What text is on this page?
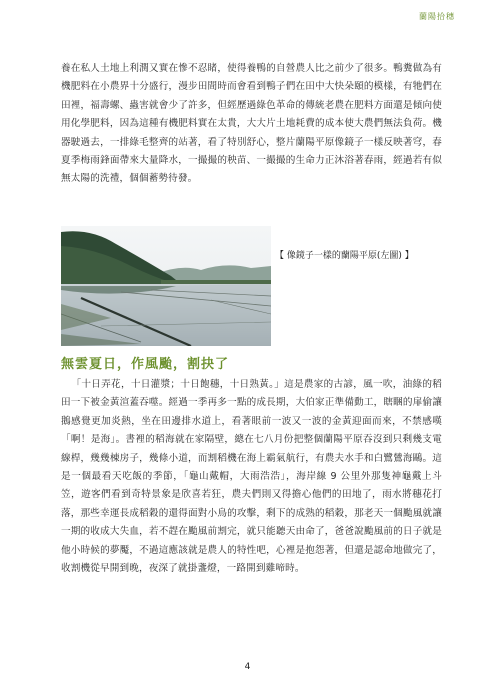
蘭陽拾穗

養在私人土地上利潤又實在慘不忍睹，使得養鴨的自營農人比之前少了很多。鴨糞做為有機肥料在小農界十分盛行，漫步田間時而會看到鴨子們在田中大快朵頤的模樣，有牠們在田裡，福壽螺、蟲害就會少了許多，但經歷過綠色革命的傳統老農在肥料方面還是傾向使用化學肥料，因為這種有機肥料實在太貴，大大片土地耗費的成本使大農們無法負荷。機器駛過去，一排綠毛整齊的站著，看了特別舒心，整片蘭陽平原像鏡子一樣反映著穹，春夏季梅雨鋒面帶來大量降水，一撮撮的秧苗、一撮撮的生命力正沐浴著春雨，經過若有似無太陽的洗禮，個個蓄勢待發。

【 像鏡子一樣的蘭陽平原(左圖) 】
無雲夏日，作風颱，割抉了

「十日弄花，十日灌漿；十日飽穗，十日熟黃。」這是農家的古諺，風一吹，油綠的稻田一下被金黃渲蓋吞噬。經過一季再多一點的成長期，大伯家正準備動工，瞎睏的扉偷讓鵝感覺更加炎熱，坐在田邊排水道上，看著眼前一波又一波的金黃迎面而來，不禁感嘆「啊！是海」。書裡的稻海就在家隔壁，總在七八月份把整個蘭陽平原吞沒到只剩幾支電線桿，幾幾棟房子，幾條小道，而割稻機在海上霸氣航行，有農夫水手和白鷺鷥海鷗。這是一個最看天吃飯的季節，「龜山戴帽，大雨浩浩」，海岸線 9 公里外那隻神龜戴上斗笠，遊客們看到奇特景象是欣喜若狂，農夫們則又得擔心他們的田地了，雨水將穗花打落，那些幸運長成稻穀的還得面對小鳥的攻擊，剩下的成熟的稻穀，那老天一個颱風就讓一期的收成大失血，若不趕在颱風前割完，就只能聽天由命了，爸爸說颱風前的日子就是他小時候的夢魘，不過這應該就是農人的特性吧，心裡是抱怨著，但還是認命地做完了，收割機從早開到晚，夜深了就掛盞燈，一路開到雞啼時。

4
